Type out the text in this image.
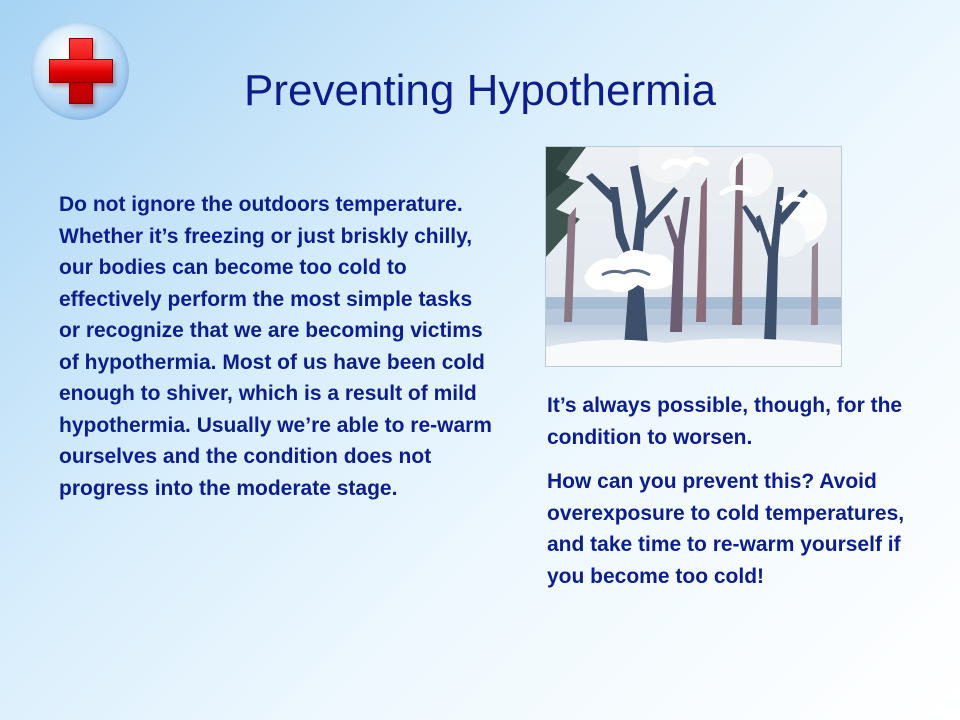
Preventing Hypothermia

Do not ignore the outdoors temperature. Whether it’s freezing or just briskly chilly, our bodies can become too cold to effectively perform the most simple tasks or recognize that we are becoming victims of hypothermia. Most of us have been cold enough to shiver, which is a result of mild hypothermia. Usually we’re able to re-warm ourselves and the condition does not progress into the moderate stage.

It’s always possible, though, for the condition to worsen.

How can you prevent this? Avoid overexposure to cold temperatures, and take time to re-warm yourself if you become too cold!
